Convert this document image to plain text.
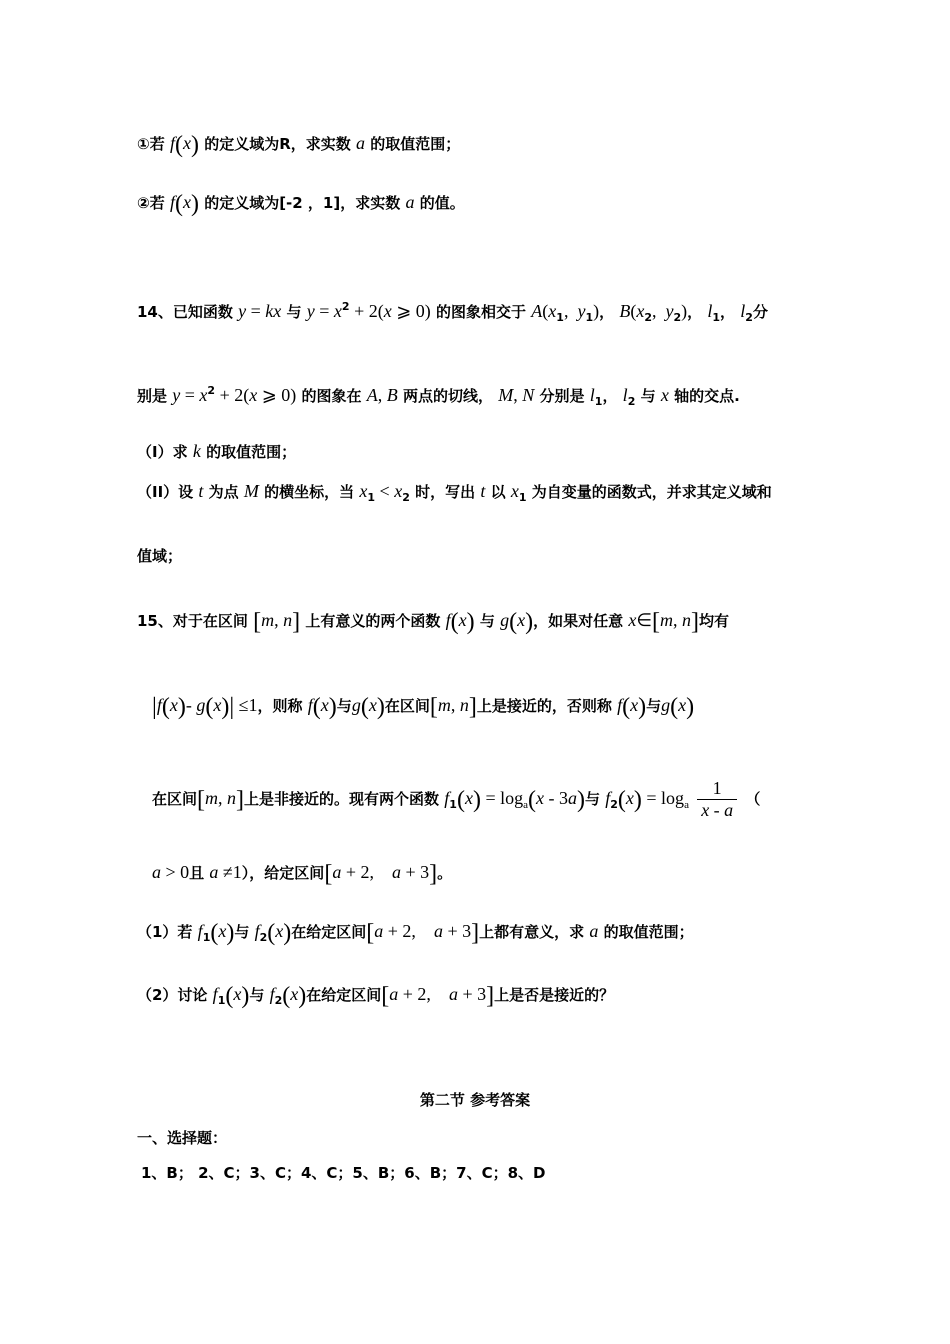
①若 f(x) 的定义域为R，求实数 a 的取值范围；
②若 f(x) 的定义域为[-2 ，1]，求实数 a 的值。
14、已知函数 y = kx 与 $y = x^2 + 2(x$ ⩾ 0) 的图象相交于 $A(x_1$,  $y_1$)， $B(x_2$,  $y_2$)， $l_1$， $l_2$分
别是 $y = x^2 + 2(x$ ⩾ 0) 的图象在 A, B 两点的切线， M, N 分别是 $l_1$， $l_2$ 与 x 轴的交点.
（I）求 k 的取值范围；
（II）设 t 为点 M 的横坐标，当 $x_1 < x_2$ 时，写出 t 以 $x_1$ 为自变量的函数式，并求其定义域和
值域；
15、对于在区间 [m, n] 上有意义的两个函数 f(x) 与 g(x)，如果对任意 x∈[m, n]均有
|f(x)- g(x)| ≤1，则称 f(x)与g(x)在区间[m, n]上是接近的，否则称 f(x)与g(x)
在区间[m, n]上是非接近的。现有两个函数 $f_1(x) = \log_a(x - 3a)$与 $f_2(x) = \log_a \frac{1}{x - a}$ （
a > 0且 a ≠1），给定区间[a + 2,    a + 3]。
（1）若 $f_1(x)$与 $f_2(x)$在给定区间[a + 2,    a + 3]上都有意义，求 a 的取值范围；
（2）讨论 $f_1(x)$与 $f_2(x)$在给定区间[a + 2,    a + 3]上是否是接近的？
第二节 参考答案
一、选择题：
1、B； 2、C；3、C；4、C；5、B；6、B；7、C；8、D
